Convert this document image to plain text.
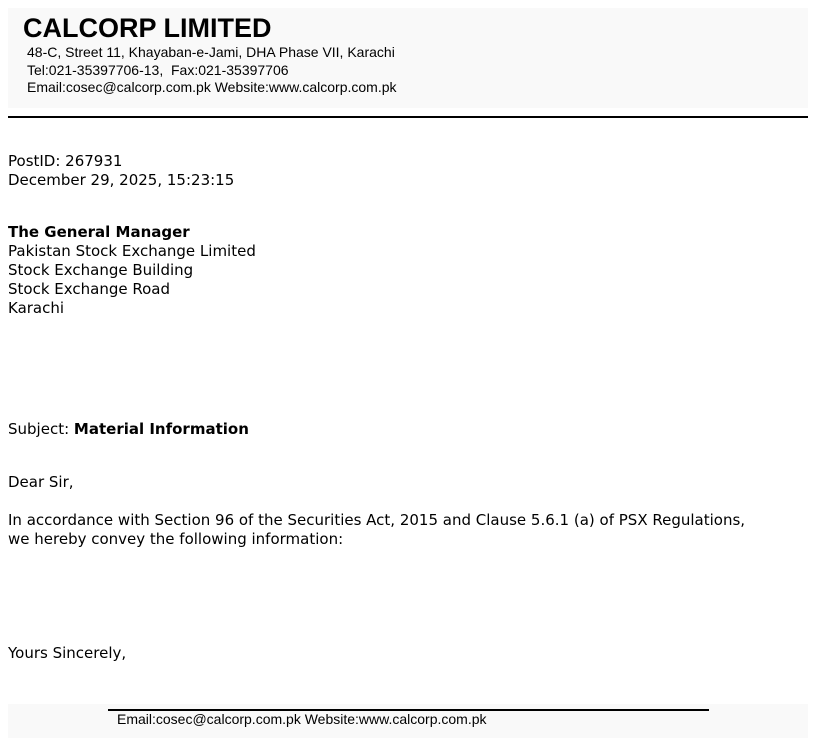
CALCORP LIMITED
48-C, Street 11, Khayaban-e-Jami, DHA Phase VII, Karachi
Tel:021-35397706-13,  Fax:021-35397706
Email:cosec@calcorp.com.pk Website:www.calcorp.com.pk
PostID: 267931
December 29, 2025, 15:23:15
The General Manager
Pakistan Stock Exchange Limited
Stock Exchange Building
Stock Exchange Road
Karachi
Subject: Material Information
Dear Sir,
In accordance with Section 96 of the Securities Act, 2015 and Clause 5.6.1 (a) of PSX Regulations,
we hereby convey the following information:
Yours Sincerely,
Email:cosec@calcorp.com.pk Website:www.calcorp.com.pk
